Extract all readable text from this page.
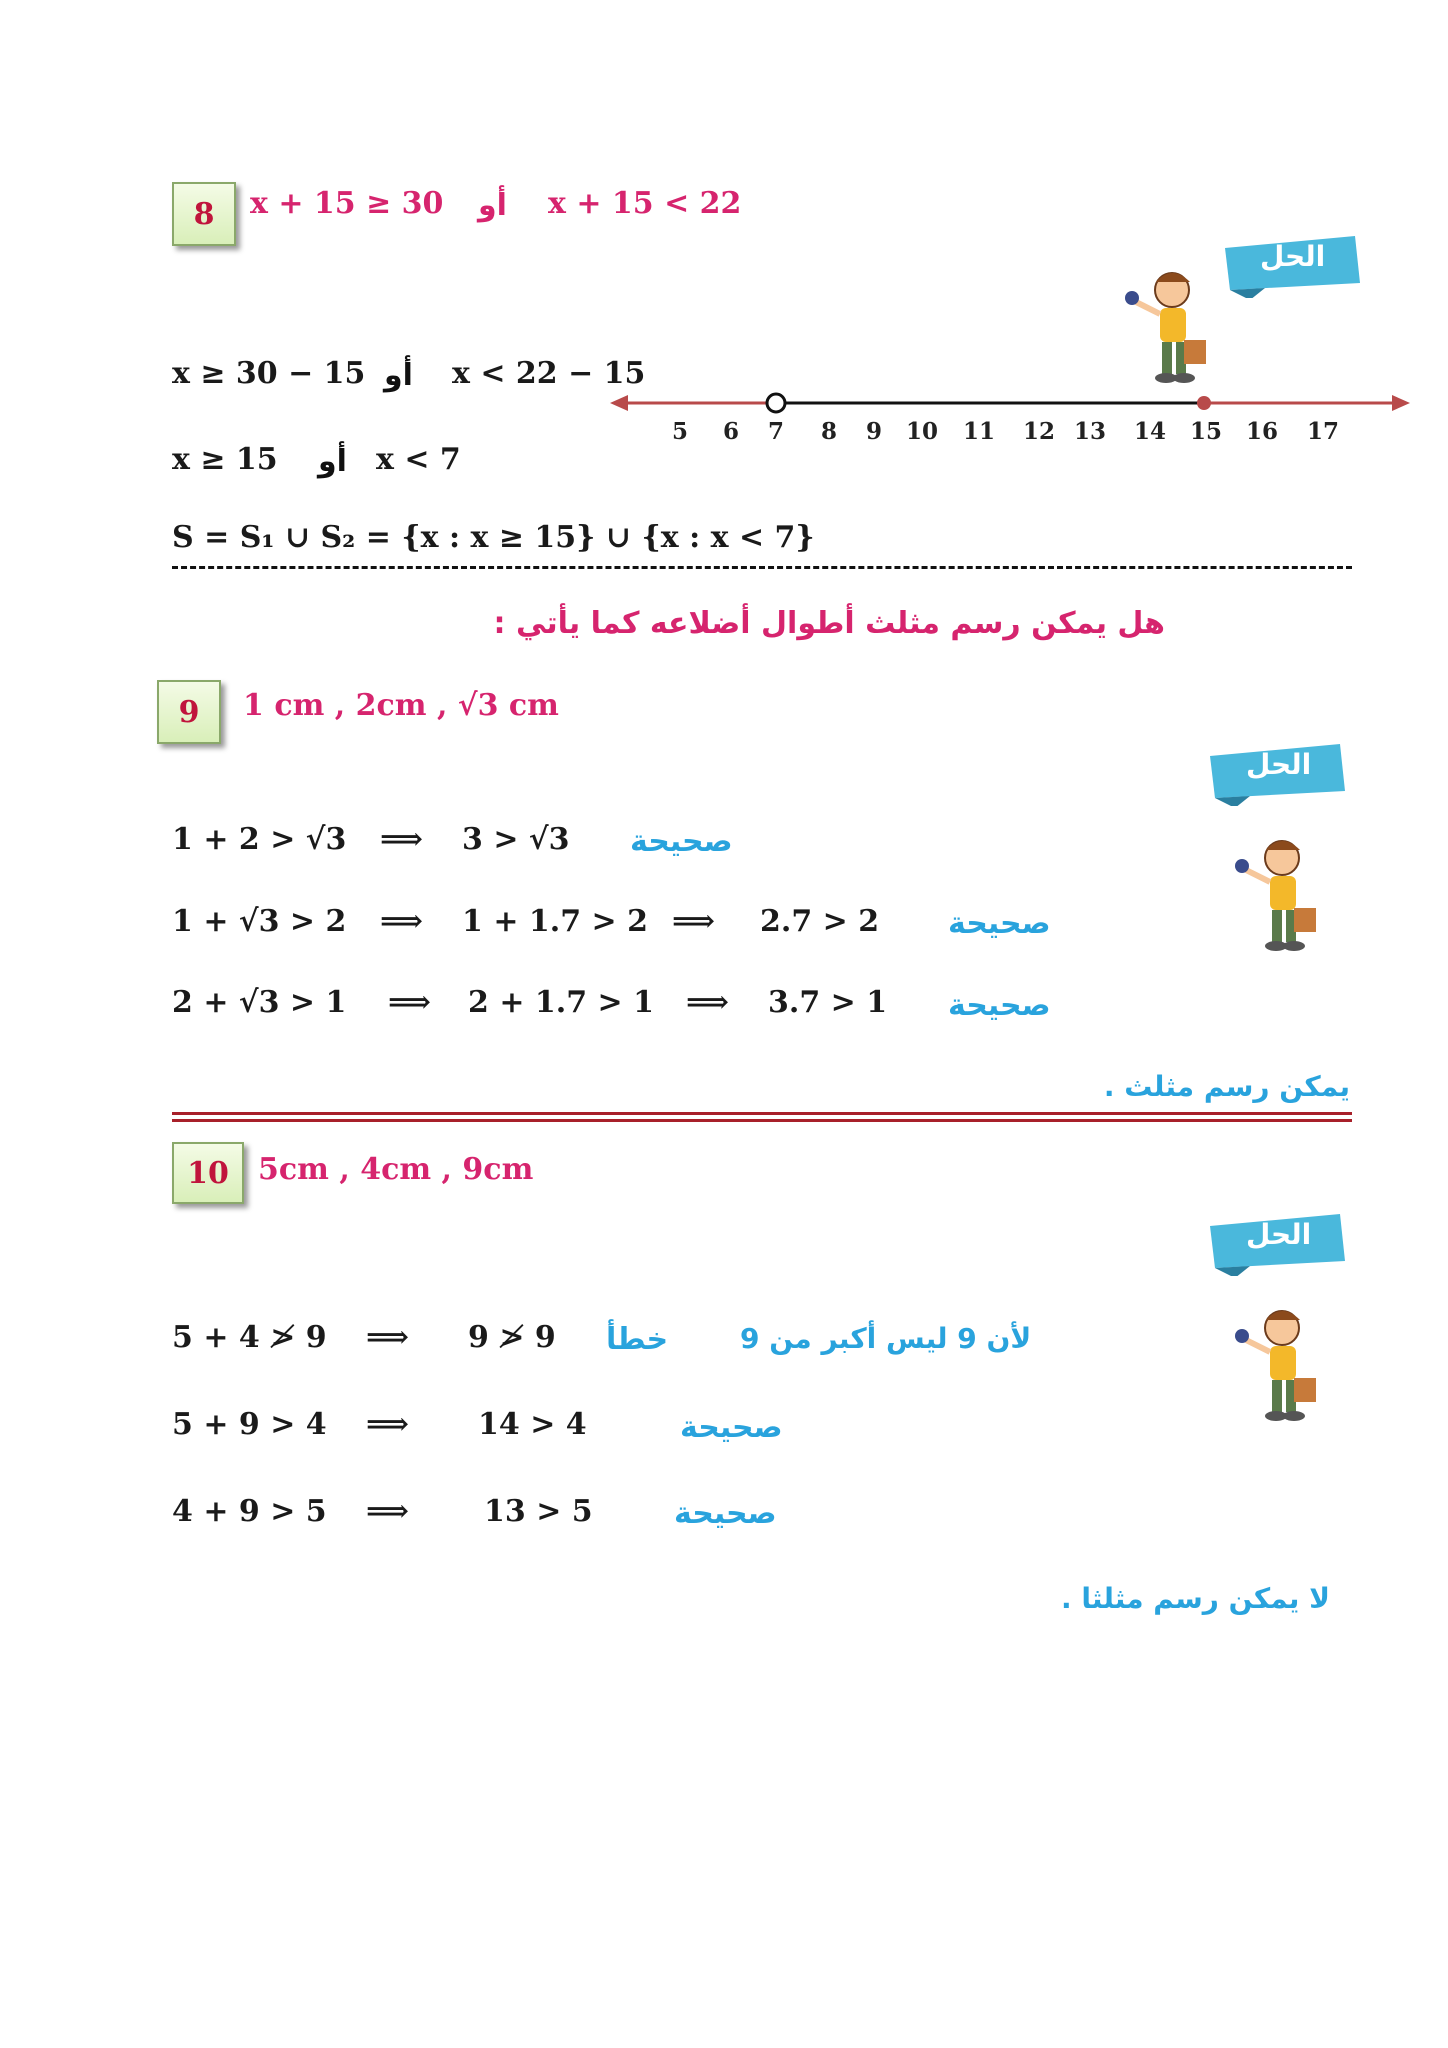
8 x + 15 ≥ 30 أو x + 15 < 22
الحل
x ≥ 30 − 15 أو x < 22 − 15
5 6 7 8 9 10 11 12 13 14 15 16 17
x ≥ 15 أو x < 7
S = S₁ ∪ S₂ = {x : x ≥ 15} ∪ {x : x < 7}
هل يمكن رسم مثلث أطوال أضلاعه كما يأتي :
9 1 cm , 2cm , √3 cm
الحل
1 + 2 > √3 ⟹ 3 > √3 صحيحة
1 + √3 > 2 ⟹ 1 + 1.7 > 2 ⟹ 2.7 > 2 صحيحة
2 + √3 > 1 ⟹ 2 + 1.7 > 1 ⟹ 3.7 > 1 صحيحة
يمكن رسم مثلث .
10 5cm , 4cm , 9cm
الحل
5 + 4 ≯ 9 ⟹ 9 ≯ 9 خطأ	لأن 9 ليس أكبر من 9
5 + 9 > 4 ⟹ 14 > 4	صحيحة
4 + 9 > 5 ⟹ 13 > 5	صحيحة
لا يمكن رسم مثلثا .
